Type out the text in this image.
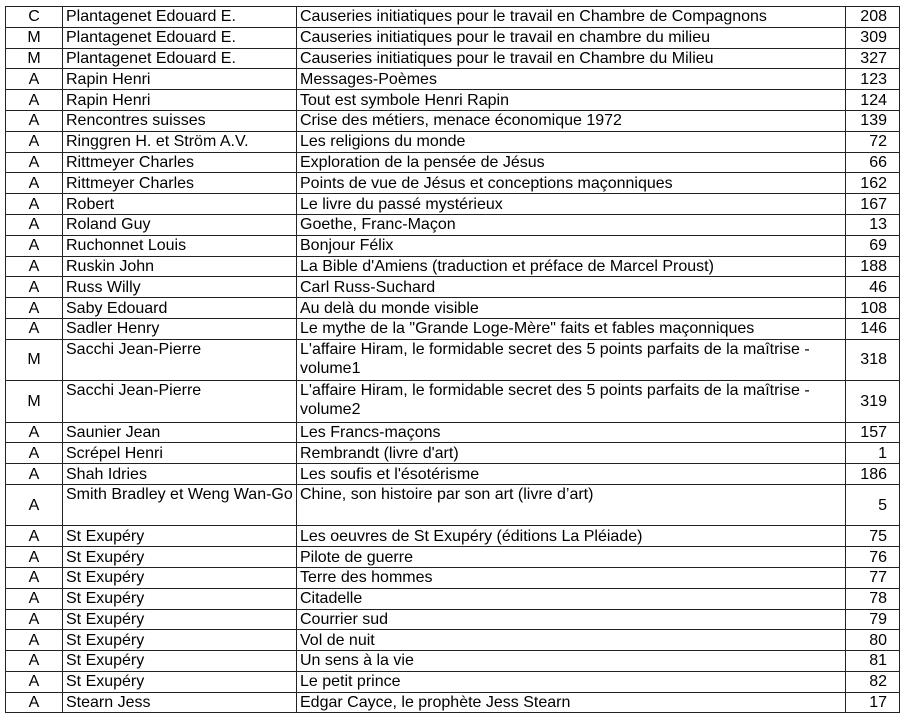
C	Plantagenet Edouard E.	Causeries initiatiques pour le travail en Chambre de Compagnons	208
M	Plantagenet Edouard E.	Causeries initiatiques pour le travail en chambre du milieu	309
M	Plantagenet Edouard E.	Causeries initiatiques pour le travail en Chambre du Milieu	327
A	Rapin Henri	Messages-Poèmes	123
A	Rapin Henri	Tout est symbole Henri Rapin	124
A	Rencontres suisses	Crise des métiers, menace économique 1972	139
A	Ringgren H. et Ström A.V.	Les religions du monde	72
A	Rittmeyer Charles	Exploration de la pensée de Jésus	66
A	Rittmeyer Charles	Points de vue de Jésus et conceptions maçonniques	162
A	Robert	Le livre du passé mystérieux	167
A	Roland Guy	Goethe, Franc-Maçon	13
A	Ruchonnet Louis	Bonjour Félix	69
A	Ruskin John	La Bible d'Amiens (traduction et préface de Marcel Proust)	188
A	Russ Willy	Carl Russ-Suchard	46
A	Saby Edouard	Au delà du monde visible	108
A	Sadler Henry	Le mythe de la "Grande Loge-Mère" faits et fables maçonniques	146
M	Sacchi Jean-Pierre	L'affaire Hiram, le formidable secret des 5 points parfaits de la maîtrise - volume1	318
M	Sacchi Jean-Pierre	L'affaire Hiram, le formidable secret des 5 points parfaits de la maîtrise - volume2	319
A	Saunier Jean	Les Francs-maçons	157
A	Scrépel Henri	Rembrandt (livre d'art)	1
A	Shah Idries	Les soufis et l'ésotérisme	186
A	Smith Bradley et Weng Wan-Go	Chine, son histoire par son art (livre d’art)	5
A	St Exupéry	Les oeuvres de St Exupéry (éditions La Pléiade)	75
A	St Exupéry	Pilote de guerre	76
A	St Exupéry	Terre des hommes	77
A	St Exupéry	Citadelle	78
A	St Exupéry	Courrier sud	79
A	St Exupéry	Vol de nuit	80
A	St Exupéry	Un sens à la vie	81
A	St Exupéry	Le petit prince	82
A	Stearn Jess	Edgar Cayce, le prophète Jess Stearn	17
